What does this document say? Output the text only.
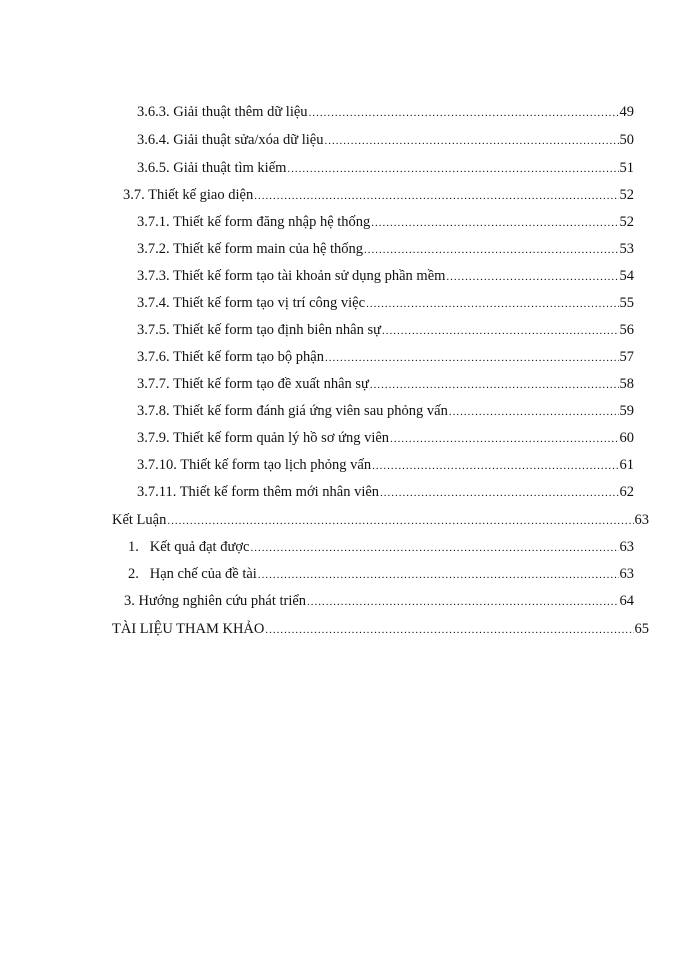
3.6.3. Giải thuật thêm dữ liệu .....	49
3.6.4. Giải thuật sửa/xóa dữ liệu .....	50
3.6.5. Giải thuật tìm kiếm .....	51
3.7. Thiết kế giao diện .....	52
3.7.1. Thiết kế form đăng nhập hệ thống .....	52
3.7.2. Thiết kế form main của hệ thống .....	53
3.7.3. Thiết kế form tạo tài khoản sử dụng phần mềm .....	54
3.7.4. Thiết kế form tạo vị trí công việc .....	55
3.7.5. Thiết kế form tạo định biên nhân sự .....	56
3.7.6. Thiết kế form tạo bộ phận .....	57
3.7.7. Thiết kế form tạo đề xuất nhân sự .....	58
3.7.8. Thiết kế form đánh giá ứng viên sau phỏng vấn .....	59
3.7.9. Thiết kế form quản lý hồ sơ ứng viên .....	60
3.7.10. Thiết kế form tạo lịch phỏng vấn .....	61
3.7.11. Thiết kế form thêm mới nhân viên .....	62
Kết Luận .....	63
1.   Kết quả đạt được .....	63
2.   Hạn chế của đề tài .....	63
3. Hướng nghiên cứu phát triển .....	64
TÀI LIỆU THAM KHẢO .....	65
